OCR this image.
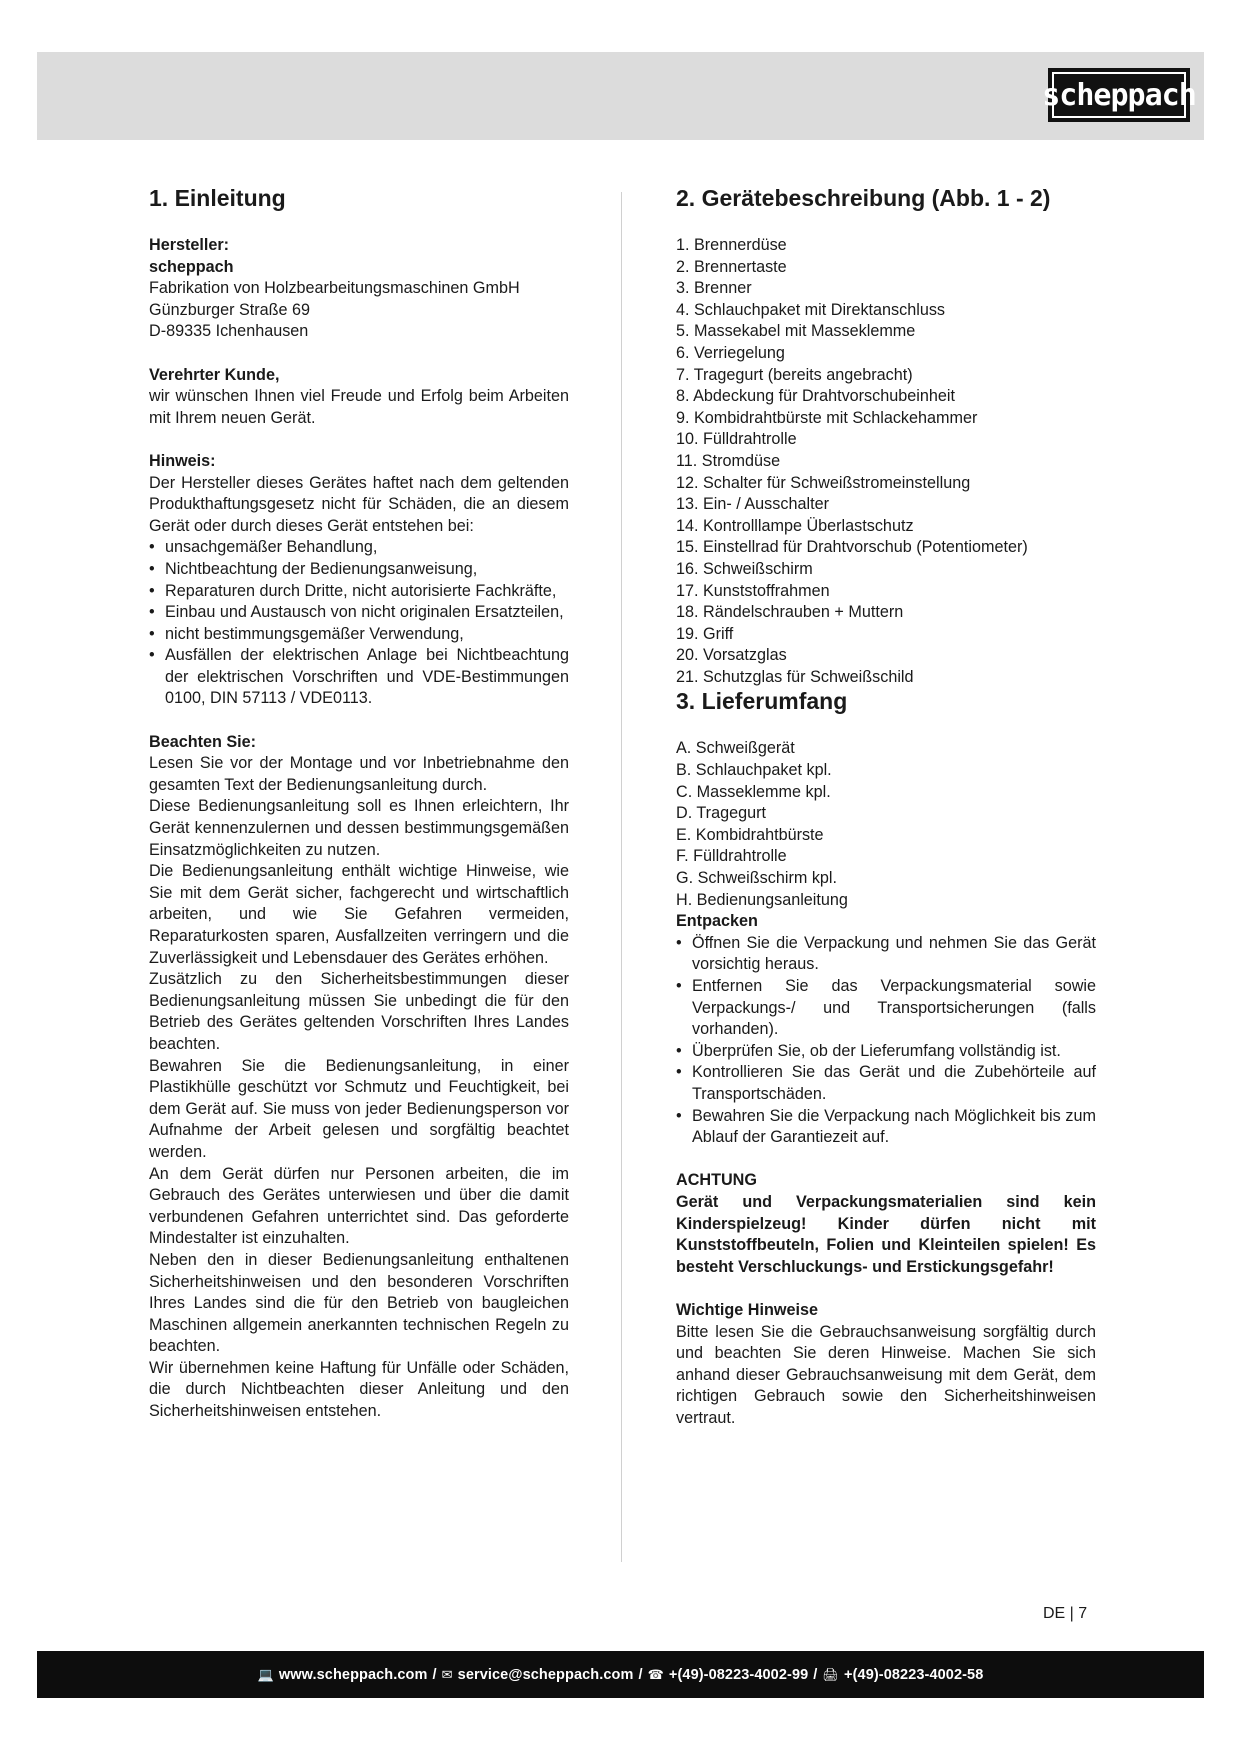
scheppach
1. Einleitung
Hersteller:
scheppach
Fabrikation von Holzbearbeitungsmaschinen GmbH
Günzburger Straße 69
D-89335 Ichenhausen
Verehrter Kunde,

wir wünschen Ihnen viel Freude und Erfolg beim Arbeiten mit Ihrem neuen Gerät.

Hinweis:

Der Hersteller dieses Gerätes haftet nach dem geltenden Produkthaftungsgesetz nicht für Schäden, die an diesem Gerät oder durch dieses Gerät entstehen bei:

• unsachgemäßer Behandlung,
• Nichtbeachtung der Bedienungsanweisung,
• Reparaturen durch Dritte, nicht autorisierte Fachkräfte,
• Einbau und Austausch von nicht originalen Ersatzteilen,
• nicht bestimmungsgemäßer Verwendung,
• Ausfällen der elektrischen Anlage bei Nichtbeachtung der elektrischen Vorschriften und VDE-Bestimmungen 0100, DIN 57113 / VDE0113.
Beachten Sie:

Lesen Sie vor der Montage und vor Inbetriebnahme den gesamten Text der Bedienungsanleitung durch.

Diese Bedienungsanleitung soll es Ihnen erleichtern, Ihr Gerät kennenzulernen und dessen bestimmungsgemäßen Einsatzmöglichkeiten zu nutzen.

Die Bedienungsanleitung enthält wichtige Hinweise, wie Sie mit dem Gerät sicher, fachgerecht und wirtschaftlich arbeiten, und wie Sie Gefahren vermeiden, Reparaturkosten sparen, Ausfallzeiten verringern und die Zuverlässigkeit und Lebensdauer des Gerätes erhöhen.

Zusätzlich zu den Sicherheitsbestimmungen dieser Bedienungsanleitung müssen Sie unbedingt die für den Betrieb des Gerätes geltenden Vorschriften Ihres Landes beachten.

Bewahren Sie die Bedienungsanleitung, in einer Plastikhülle geschützt vor Schmutz und Feuchtigkeit, bei dem Gerät auf. Sie muss von jeder Bedienungsperson vor Aufnahme der Arbeit gelesen und sorgfältig beachtet werden.

An dem Gerät dürfen nur Personen arbeiten, die im Gebrauch des Gerätes unterwiesen und über die damit verbundenen Gefahren unterrichtet sind. Das geforderte Mindestalter ist einzuhalten.

Neben den in dieser Bedienungsanleitung enthaltenen Sicherheitshinweisen und den besonderen Vorschriften Ihres Landes sind die für den Betrieb von baugleichen Maschinen allgemein anerkannten technischen Regeln zu beachten.

Wir übernehmen keine Haftung für Unfälle oder Schäden, die durch Nichtbeachten dieser Anleitung und den Sicherheitshinweisen entstehen.

2. Gerätebeschreibung (Abb. 1 - 2)
1. Brennerdüse
2. Brennertaste
3. Brenner
4. Schlauchpaket mit Direktanschluss
5. Massekabel mit Masseklemme
6. Verriegelung
7. Tragegurt (bereits angebracht)
8. Abdeckung für Drahtvorschubeinheit
9. Kombidrahtbürste mit Schlackehammer
10. Fülldrahtrolle
11. Stromdüse
12. Schalter für Schweißstromeinstellung
13. Ein- / Ausschalter
14. Kontrolllampe Überlastschutz
15. Einstellrad für Drahtvorschub (Potentiometer)
16. Schweißschirm
17. Kunststoffrahmen
18. Rändelschrauben + Muttern
19. Griff
20. Vorsatzglas
21. Schutzglas für Schweißschild
3. Lieferumfang
A. Schweißgerät
B. Schlauchpaket kpl.
C. Masseklemme kpl.
D. Tragegurt
E. Kombidrahtbürste
F. Fülldrahtrolle
G. Schweißschirm kpl.
H. Bedienungsanleitung
Entpacken
• Öffnen Sie die Verpackung und nehmen Sie das Gerät vorsichtig heraus.
• Entfernen Sie das Verpackungsmaterial sowie Verpackungs-/ und Transportsicherungen (falls vorhanden).
• Überprüfen Sie, ob der Lieferumfang vollständig ist.
• Kontrollieren Sie das Gerät und die Zubehörteile auf Transportschäden.
• Bewahren Sie die Verpackung nach Möglichkeit bis zum Ablauf der Garantiezeit auf.
ACHTUNG

Gerät und Verpackungsmaterialien sind kein Kinderspielzeug! Kinder dürfen nicht mit Kunststoffbeuteln, Folien und Kleinteilen spielen! Es besteht Verschluckungs- und Erstickungsgefahr!

Wichtige Hinweise

Bitte lesen Sie die Gebrauchsanweisung sorgfältig durch und beachten Sie deren Hinweise. Machen Sie sich anhand dieser Gebrauchsanweisung mit dem Gerät, dem richtigen Gebrauch sowie den Sicherheitshinweisen vertraut.

DE | 7
💻 www.scheppach.com / ✉ service@scheppach.com / ☎ +(49)-08223-4002-99 / 🖨 +(49)-08223-4002-58
